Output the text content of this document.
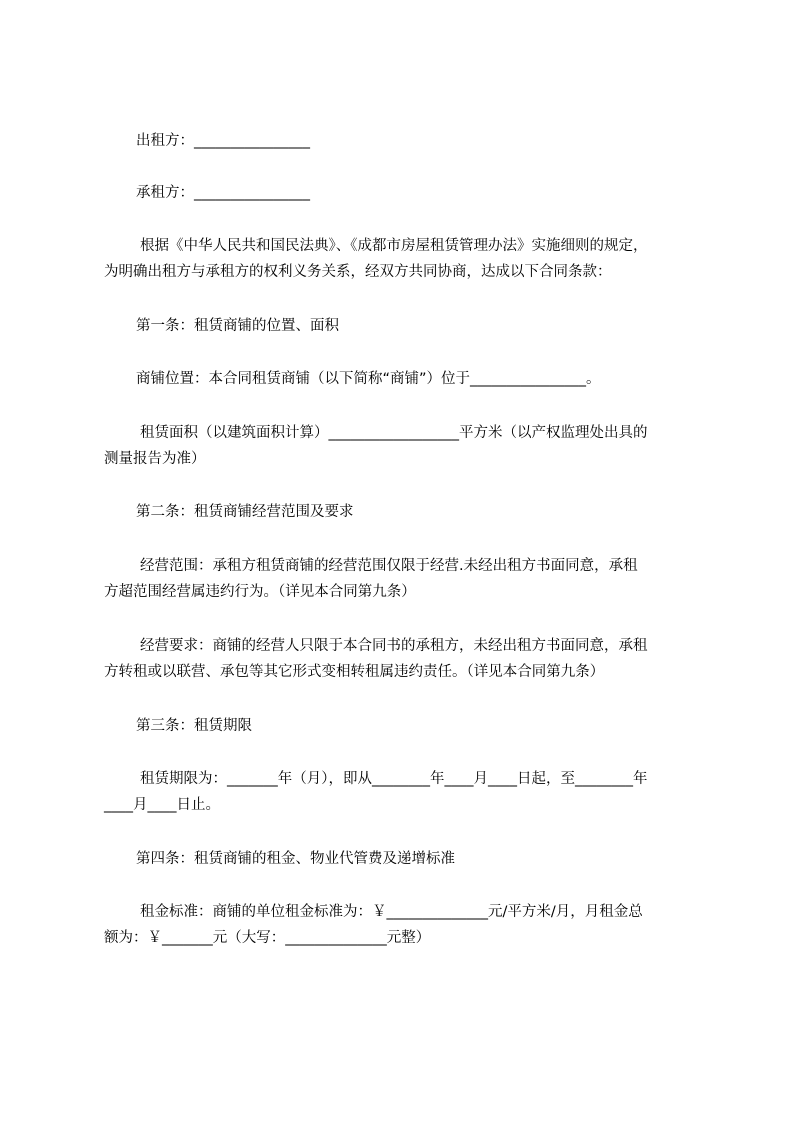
出租方：________________

承租方：________________

根据《中华人民共和国民法典》、《成都市房屋租赁管理办法》实施细则的规定，

为明确出租方与承租方的权利义务关系，经双方共同协商，达成以下合同条款：

第一条：租赁商铺的位置、面积

商铺位置：本合同租赁商铺（以下简称“商铺”）位于________________。

租赁面积（以建筑面积计算）__________________平方米（以产权监理处出具的

测量报告为准）

第二条：租赁商铺经营范围及要求

经营范围：承租方租赁商铺的经营范围仅限于经营.未经出租方书面同意，承租

方超范围经营属违约行为。（详见本合同第九条）

经营要求：商铺的经营人只限于本合同书的承租方，未经出租方书面同意，承租

方转租或以联营、承包等其它形式变相转租属违约责任。（详见本合同第九条）

第三条：租赁期限

租赁期限为：_______年（月），即从________年____月____日起，至________年

____月____日止。

第四条：租赁商铺的租金、物业代管费及递增标准

租金标准：商铺的单位租金标准为：￥______________元/平方米/月，月租金总

额为：￥_______元（大写：______________元整）
